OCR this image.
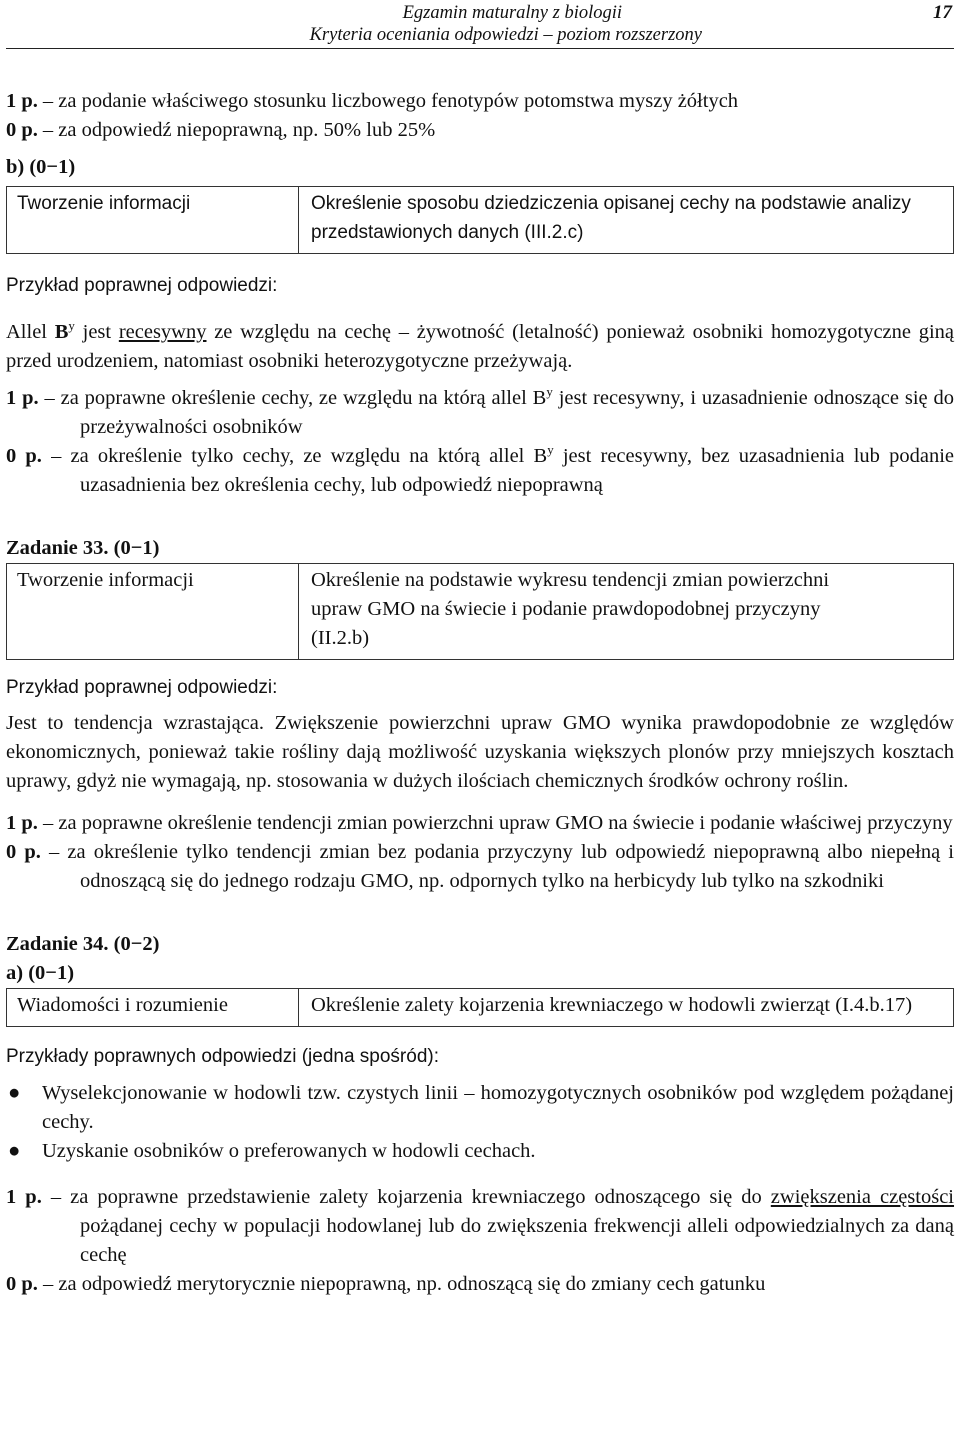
Egzamin maturalny z biologii
Kryteria oceniania odpowiedzi – poziom rozszerzony
17
1 p. – za podanie właściwego stosunku liczbowego fenotypów potomstwa myszy żółtych
0 p. – za odpowiedź niepoprawną, np. 50% lub 25%
b) (0−1)
Tworzenie informacji	Określenie sposobu dziedziczenia opisanej cechy na podstawie analizy przedstawionych danych (III.2.c)
Przykład poprawnej odpowiedzi:
Allel $B^y$ jest recesywny ze względu na cechę – żywotność (letalność) ponieważ osobniki homozygotyczne giną przed urodzeniem, natomiast osobniki heterozygotyczne przeżywają.
1 p. – za poprawne określenie cechy, ze względu na którą allel $B^y$ jest recesywny, i uzasadnienie odnoszące się do przeżywalności osobników
0 p. – za określenie tylko cechy, ze względu na którą allel $B^y$ jest recesywny, bez uzasadnienia lub podanie uzasadnienia bez określenia cechy, lub odpowiedź niepoprawną
Zadanie 33. (0−1)
Tworzenie informacji	Określenie na podstawie wykresu tendencji zmian powierzchni upraw GMO na świecie i podanie prawdopodobnej przyczyny (II.2.b)
Przykład poprawnej odpowiedzi:
Jest to tendencja wzrastająca. Zwiększenie powierzchni upraw GMO wynika prawdopodobnie ze względów ekonomicznych, ponieważ takie rośliny dają możliwość uzyskania większych plonów przy mniejszych kosztach uprawy, gdyż nie wymagają, np. stosowania w dużych ilościach chemicznych środków ochrony roślin.
1 p. – za poprawne określenie tendencji zmian powierzchni upraw GMO na świecie i podanie właściwej przyczyny
0 p. – za określenie tylko tendencji zmian bez podania przyczyny lub odpowiedź niepoprawną albo niepełną i odnoszącą się do jednego rodzaju GMO, np. odpornych tylko na herbicydy lub tylko na szkodniki
Zadanie 34. (0−2)
a) (0−1)
Wiadomości i rozumienie	Określenie zalety kojarzenia krewniaczego w hodowli zwierząt (I.4.b.17)
Przykłady poprawnych odpowiedzi (jedna spośród):
● Wyselekcjonowanie w hodowli tzw. czystych linii – homozygotycznych osobników pod względem pożądanej cechy.
● Uzyskanie osobników o preferowanych w hodowli cechach.
1 p. – za poprawne przedstawienie zalety kojarzenia krewniaczego odnoszącego się do zwiększenia częstości pożądanej cechy w populacji hodowlanej lub do zwiększenia frekwencji alleli odpowiedzialnych za daną cechę
0 p. – za odpowiedź merytorycznie niepoprawną, np. odnoszącą się do zmiany cech gatunku
